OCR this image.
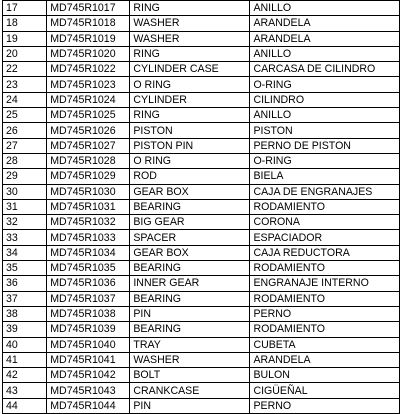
17	MD745R1017	RING	ANILLO
18	MD745R1018	WASHER	ARANDELA
19	MD745R1019	WASHER	ARANDELA
20	MD745R1020	RING	ANILLO
22	MD745R1022	CYLINDER CASE	CARCASA DE CILINDRO
23	MD745R1023	O RING	O-RING
24	MD745R1024	CYLINDER	CILINDRO
25	MD745R1025	RING	ANILLO
26	MD745R1026	PISTON	PISTON
27	MD745R1027	PISTON PIN	PERNO DE PISTON
28	MD745R1028	O RING	O-RING
29	MD745R1029	ROD	BIELA
30	MD745R1030	GEAR BOX	CAJA DE ENGRANAJES
31	MD745R1031	BEARING	RODAMIENTO
32	MD745R1032	BIG GEAR	CORONA
33	MD745R1033	SPACER	ESPACIADOR
34	MD745R1034	GEAR BOX	CAJA REDUCTORA
35	MD745R1035	BEARING	RODAMIENTO
36	MD745R1036	INNER GEAR	ENGRANAJE INTERNO
37	MD745R1037	BEARING	RODAMIENTO
38	MD745R1038	PIN	PERNO
39	MD745R1039	BEARING	RODAMIENTO
40	MD745R1040	TRAY	CUBETA
41	MD745R1041	WASHER	ARANDELA
42	MD745R1042	BOLT	BULON
43	MD745R1043	CRANKCASE	CIGÜEÑAL
44	MD745R1044	PIN	PERNO
